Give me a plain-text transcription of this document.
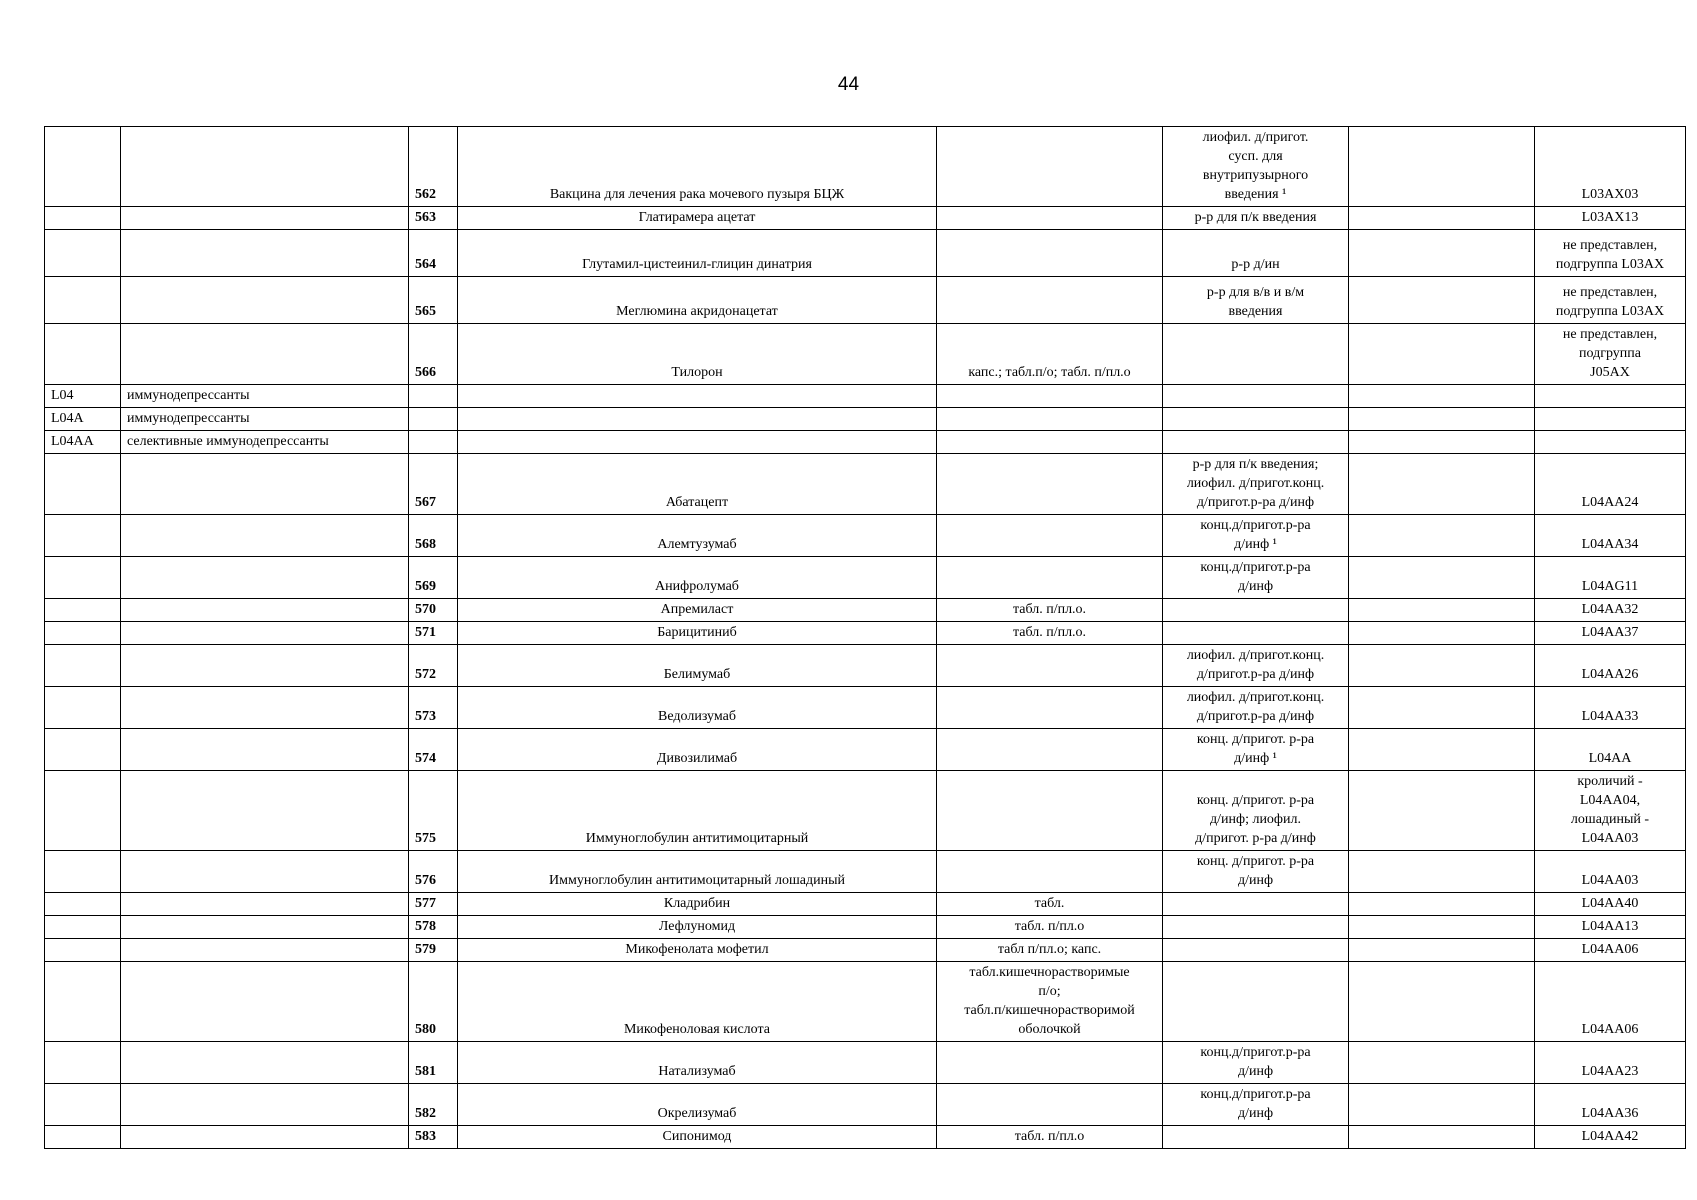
44
		562	Вакцина для лечения рака мочевого пузыря БЦЖ		лиофил. д/пригот.
сусп. для
внутрипузырного
введения ¹		L03AX03
		563	Глатирамера ацетат		р-р для п/к введения		L03AX13
		564	Глутамил-цистеинил-глицин динатрия		р-р д/ин		не представлен,
подгруппа L03AX
		565	Меглюмина акридонацетат		р-р для в/в и в/м
введения		не представлен,
подгруппа L03AX
		566	Тилорон	капс.; табл.п/о; табл. п/пл.о			не представлен,
подгруппа
J05AX
L04	иммунодепрессанты						
L04A	иммунодепрессанты						
L04AA	селективные иммунодепрессанты						
		567	Абатацепт		р-р для п/к введения;
лиофил. д/пригот.конц.
д/пригот.р-ра д/инф		L04AA24
		568	Алемтузумаб		конц.д/пригот.р-ра
д/инф ¹		L04AA34
		569	Анифролумаб		конц.д/пригот.р-ра
д/инф		L04AG11
		570	Апремиласт	табл. п/пл.о.			L04AA32
		571	Барицитиниб	табл. п/пл.о.			L04AA37
		572	Белимумаб		лиофил. д/пригот.конц.
д/пригот.р-ра д/инф		L04AA26
		573	Ведолизумаб		лиофил. д/пригот.конц.
д/пригот.р-ра д/инф		L04AA33
		574	Дивозилимаб		конц. д/пригот. р-ра
д/инф ¹		L04AA
		575	Иммуноглобулин антитимоцитарный		конц. д/пригот. р-ра
д/инф; лиофил.
д/пригот. р-ра д/инф		кроличий -
L04AA04,
лошадиный -
L04AA03
		576	Иммуноглобулин антитимоцитарный лошадиный		конц. д/пригот. р-ра
д/инф		L04AA03
		577	Кладрибин	табл.			L04AA40
		578	Лефлуномид	табл. п/пл.о			L04AA13
		579	Микофенолата мофетил	табл п/пл.о; капс.			L04AA06
		580	Микофеноловая кислота	табл.кишечнорастворимые
п/о;
табл.п/кишечнорастворимой
оболочкой			L04AA06
		581	Натализумаб		конц.д/пригот.р-ра
д/инф		L04AA23
		582	Окрелизумаб		конц.д/пригот.р-ра
д/инф		L04AA36
		583	Сипонимод	табл. п/пл.о			L04AA42
